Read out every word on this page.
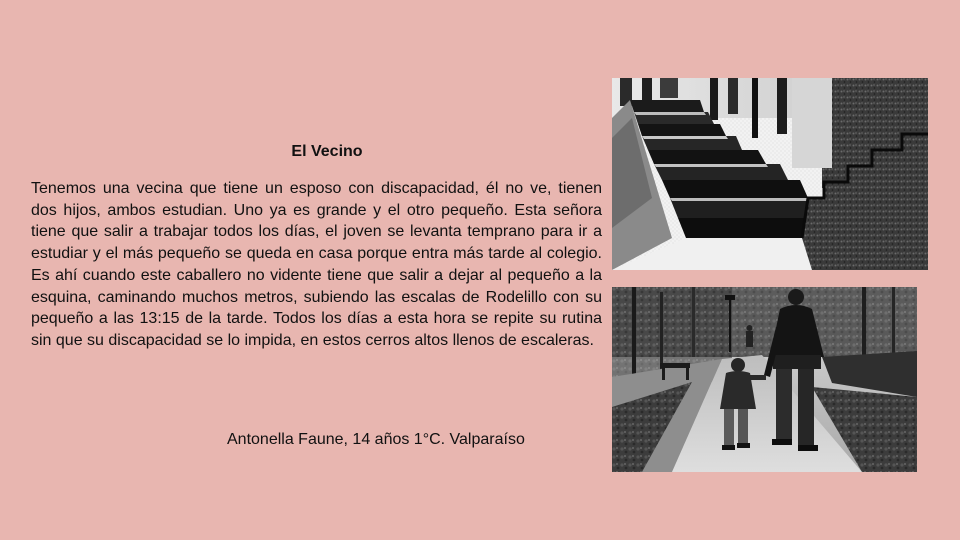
El Vecino
Tenemos una vecina que tiene un esposo con discapacidad, él no ve, tienen dos hijos, ambos estudian. Uno ya es grande y el otro pequeño. Esta señora tiene que salir a trabajar todos los días, el joven se levanta temprano para ir a estudiar y el más pequeño se queda en casa porque entra más tarde al colegio. Es ahí cuando este caballero no vidente tiene que salir a dejar al pequeño a la esquina, caminando muchos metros, subiendo las escalas de Rodelillo con su pequeño a las 13:15 de la tarde. Todos los días a esta hora se repite su rutina sin que su discapacidad se lo impida, en estos cerros altos llenos de escaleras.
Antonella Faune, 14 años 1°C. Valparaíso
